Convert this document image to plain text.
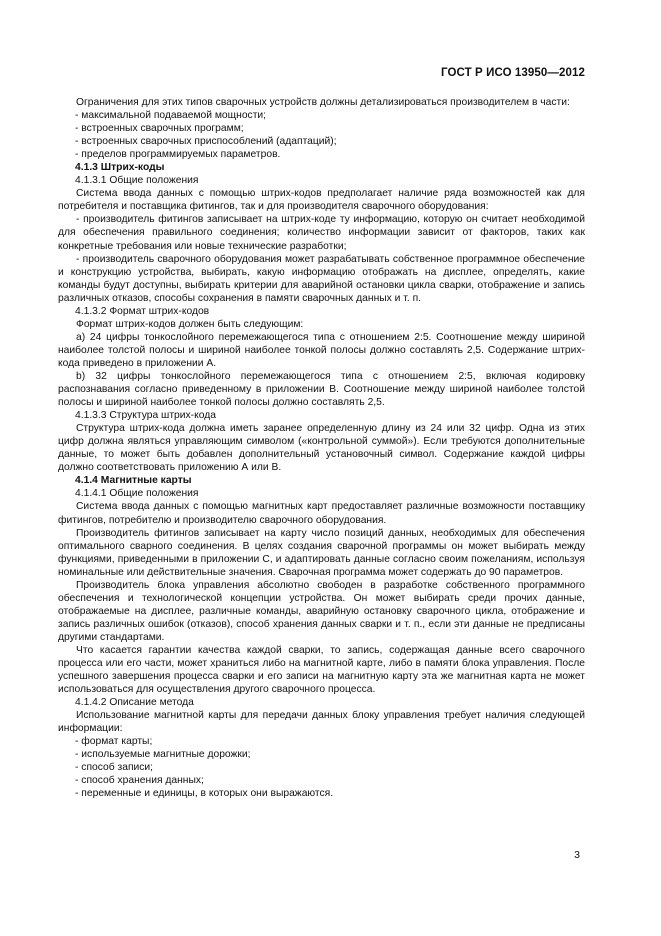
ГОСТ Р ИСО 13950—2012

Ограничения для этих типов сварочных устройств должны детализироваться производителем в части:

- максимальной подаваемой мощности;

- встроенных сварочных программ;

- встроенных сварочных приспособлений (адаптаций);

- пределов программируемых параметров.

4.1.3 Штрих-коды

4.1.3.1 Общие положения

Система ввода данных с помощью штрих-кодов предполагает наличие ряда возможностей как для потребителя и поставщика фитингов, так и для производителя сварочного оборудования:

- производитель фитингов записывает на штрих-коде ту информацию, которую он считает необходимой для обеспечения правильного соединения; количество информации зависит от факторов, таких как конкретные требования или новые технические разработки;

- производитель сварочного оборудования может разрабатывать собственное программное обеспечение и конструкцию устройства, выбирать, какую информацию отображать на дисплее, определять, какие команды будут доступны, выбирать критерии для аварийной остановки цикла сварки, отображение и запись различных отказов, способы сохранения в памяти сварочных данных и т. п.

4.1.3.2 Формат штрих-кодов

Формат штрих-кодов должен быть следующим:

a) 24 цифры тонкослойного перемежающегося типа с отношением 2:5. Соотношение между шириной наиболее толстой полосы и шириной наиболее тонкой полосы должно составлять 2,5. Содержание штрих-кода приведено в приложении А.

b) 32 цифры тонкослойного перемежающегося типа с отношением 2:5, включая кодировку распознавания согласно приведенному в приложении В. Соотношение между шириной наиболее толстой полосы и шириной наиболее тонкой полосы должно составлять 2,5.

4.1.3.3 Структура штрих-кода

Структура штрих-кода должна иметь заранее определенную длину из 24 или 32 цифр. Одна из этих цифр должна являться управляющим символом («контрольной суммой»). Если требуются дополнительные данные, то может быть добавлен дополнительный установочный символ. Содержание каждой цифры должно соответствовать приложению А или В.

4.1.4 Магнитные карты

4.1.4.1 Общие положения

Система ввода данных с помощью магнитных карт предоставляет различные возможности поставщику фитингов, потребителю и производителю сварочного оборудования.

Производитель фитингов записывает на карту число позиций данных, необходимых для обеспечения оптимального сварного соединения. В целях создания сварочной программы он может выбирать между функциями, приведенными в приложении С, и адаптировать данные согласно своим пожеланиям, используя номинальные или действительные значения. Сварочная программа может содержать до 90 параметров.

Производитель блока управления абсолютно свободен в разработке собственного программного обеспечения и технологической концепции устройства. Он может выбирать среди прочих данные, отображаемые на дисплее, различные команды, аварийную остановку сварочного цикла, отображение и запись различных ошибок (отказов), способ хранения данных сварки и т. п., если эти данные не предписаны другими стандартами.

Что касается гарантии качества каждой сварки, то запись, содержащая данные всего сварочного процесса или его части, может храниться либо на магнитной карте, либо в памяти блока управления. После успешного завершения процесса сварки и его записи на магнитную карту эта же магнитная карта не может использоваться для осуществления другого сварочного процесса.

4.1.4.2 Описание метода

Использование магнитной карты для передачи данных блоку управления требует наличия следующей информации:

- формат карты;

- используемые магнитные дорожки;

- способ записи;

- способ хранения данных;

- переменные и единицы, в которых они выражаются.

3
